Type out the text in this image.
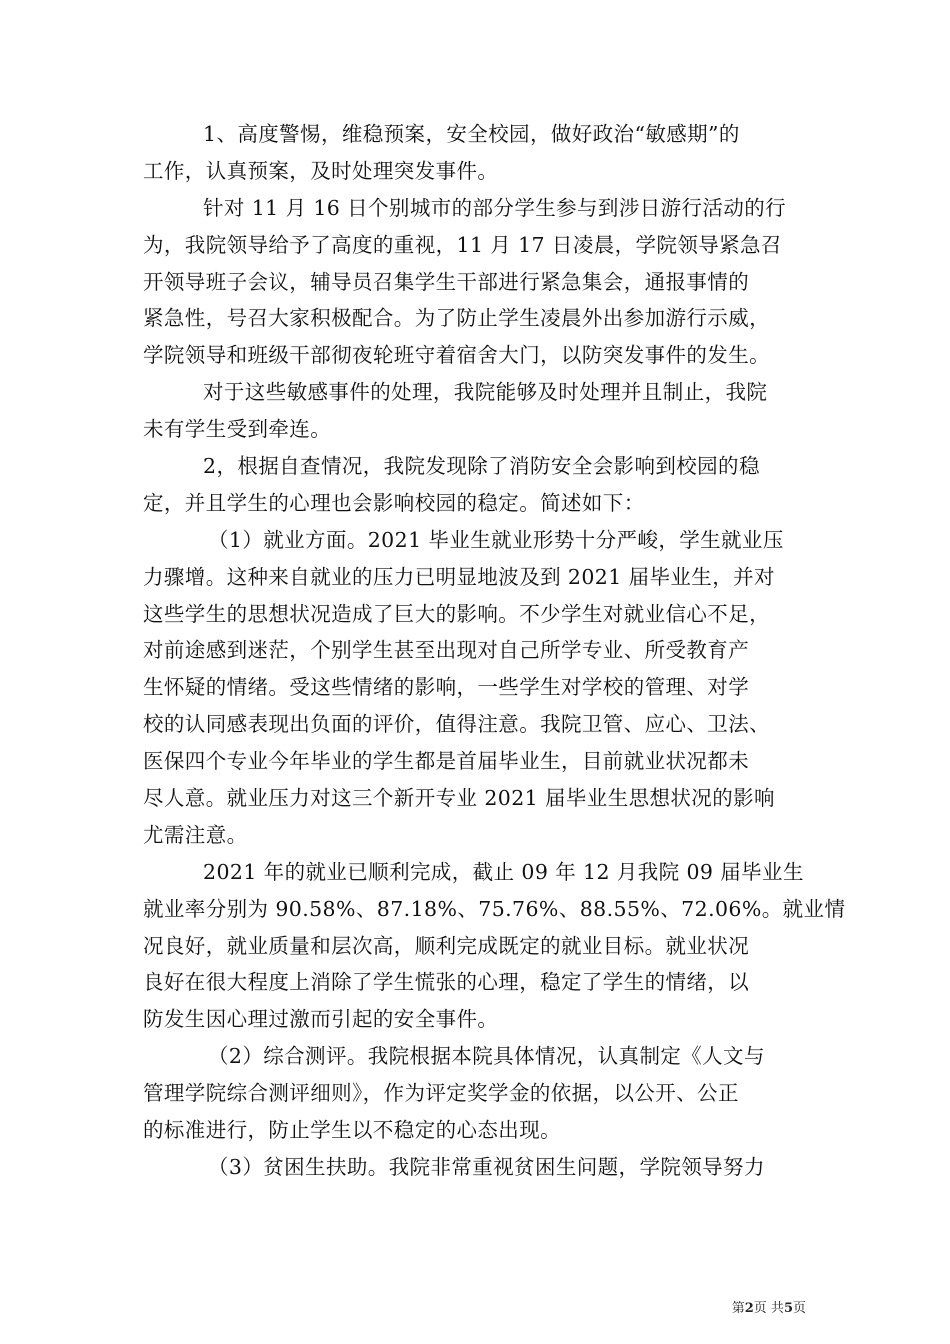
1、高度警惕，维稳预案，安全校园，做好政治“敏感期”的
工作，认真预案，及时处理突发事件。
针对 11 月 16 日个别城市的部分学生参与到涉日游行活动的行
为，我院领导给予了高度的重视，11 月 17 日凌晨，学院领导紧急召
开领导班子会议，辅导员召集学生干部进行紧急集会，通报事情的
紧急性，号召大家积极配合。为了防止学生凌晨外出参加游行示威，
学院领导和班级干部彻夜轮班守着宿舍大门，以防突发事件的发生。
对于这些敏感事件的处理，我院能够及时处理并且制止，我院
未有学生受到牵连。
2，根据自查情况，我院发现除了消防安全会影响到校园的稳
定，并且学生的心理也会影响校园的稳定。简述如下：
（1）就业方面。2021 毕业生就业形势十分严峻，学生就业压
力骤增。这种来自就业的压力已明显地波及到 2021 届毕业生，并对
这些学生的思想状况造成了巨大的影响。不少学生对就业信心不足，
对前途感到迷茫，个别学生甚至出现对自己所学专业、所受教育产
生怀疑的情绪。受这些情绪的影响，一些学生对学校的管理、对学
校的认同感表现出负面的评价，值得注意。我院卫管、应心、卫法、
医保四个专业今年毕业的学生都是首届毕业生，目前就业状况都未
尽人意。就业压力对这三个新开专业 2021 届毕业生思想状况的影响
尤需注意。
2021 年的就业已顺利完成，截止 09 年 12 月我院 09 届毕业生
就业率分别为 90.58%、87.18%、75.76%、88.55%、72.06%。就业情
况良好，就业质量和层次高，顺利完成既定的就业目标。就业状况
良好在很大程度上消除了学生慌张的心理，稳定了学生的情绪，以
防发生因心理过激而引起的安全事件。
（2）综合测评。我院根据本院具体情况，认真制定《人文与
管理学院综合测评细则》，作为评定奖学金的依据，以公开、公正
的标准进行，防止学生以不稳定的心态出现。
（3）贫困生扶助。我院非常重视贫困生问题，学院领导努力
第2页 共5页
